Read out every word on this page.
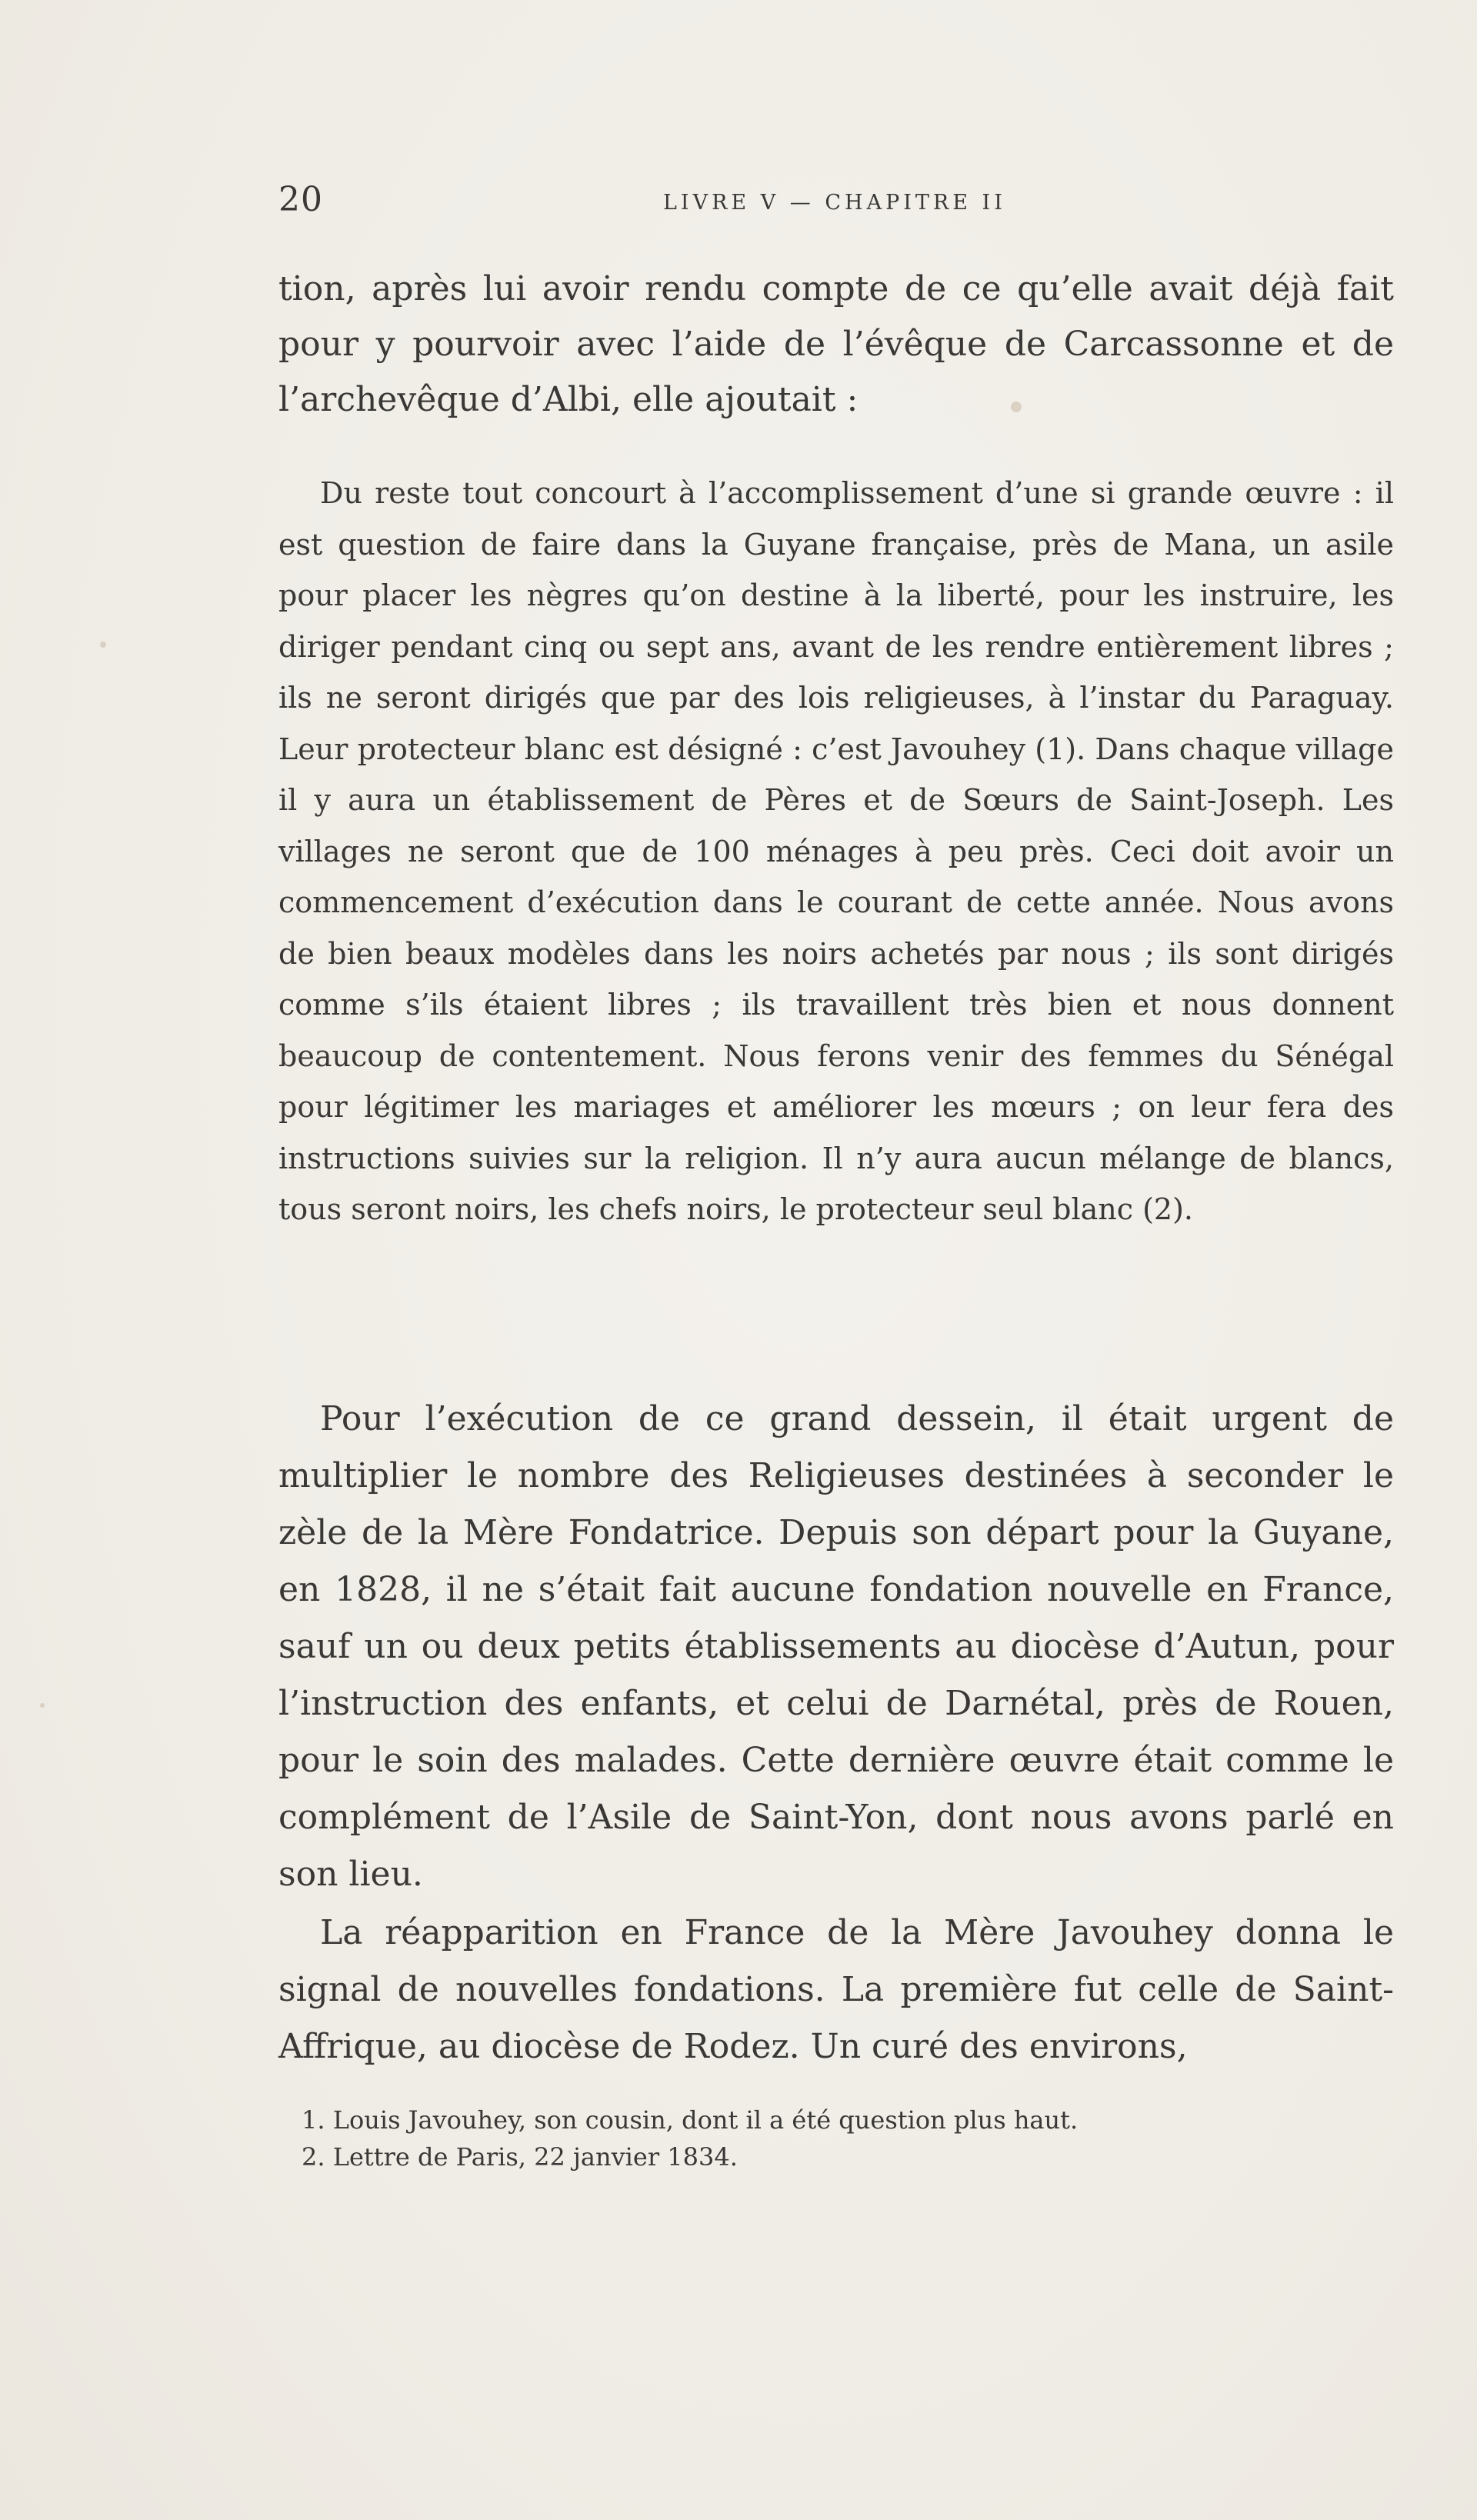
20	LIVRE V — CHAPITRE II

tion, après lui avoir rendu compte de ce qu’elle avait déjà fait pour y pourvoir avec l’aide de l’évêque de Carcassonne et de l’archevêque d’Albi, elle ajoutait :

Du reste tout concourt à l’accomplissement d’une si grande œuvre : il est question de faire dans la Guyane française, près de Mana, un asile pour placer les nègres qu’on destine à la liberté, pour les instruire, les diriger pendant cinq ou sept ans, avant de les rendre entièrement libres ; ils ne seront dirigés que par des lois religieuses, à l’instar du Paraguay. Leur protecteur blanc est désigné : c’est Javouhey (1). Dans chaque village il y aura un établissement de Pères et de Sœurs de Saint-Joseph. Les villages ne seront que de 100 ménages à peu près. Ceci doit avoir un commencement d’exécution dans le courant de cette année. Nous avons de bien beaux modèles dans les noirs achetés par nous ; ils sont dirigés comme s’ils étaient libres ; ils travaillent très bien et nous donnent beaucoup de contentement. Nous ferons venir des femmes du Sénégal pour légitimer les mariages et améliorer les mœurs ; on leur fera des instructions suivies sur la religion. Il n’y aura aucun mélange de blancs, tous seront noirs, les chefs noirs, le protecteur seul blanc (2).

Pour l’exécution de ce grand dessein, il était urgent de multiplier le nombre des Religieuses destinées à seconder le zèle de la Mère Fondatrice. Depuis son départ pour la Guyane, en 1828, il ne s’était fait aucune fondation nouvelle en France, sauf un ou deux petits établissements au diocèse d’Autun, pour l’instruction des enfants, et celui de Darnétal, près de Rouen, pour le soin des malades. Cette dernière œuvre était comme le complément de l’Asile de Saint-Yon, dont nous avons parlé en son lieu.

La réapparition en France de la Mère Javouhey donna le signal de nouvelles fondations. La première fut celle de Saint-Affrique, au diocèse de Rodez. Un curé des environs,

1. Louis Javouhey, son cousin, dont il a été question plus haut.

2. Lettre de Paris, 22 janvier 1834.
